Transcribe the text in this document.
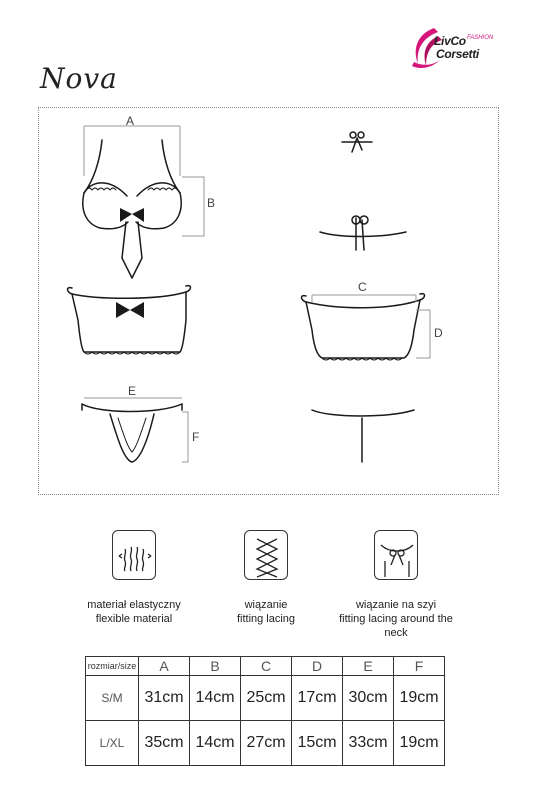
LivCo FASHION
Corsetti
Nova
A
B
C
D
E
F
materiał elastyczny
flexible material
wiązanie
fitting lacing
wiązanie na szyi
fitting lacing around the neck
rozmiar/size	A	B	C	D	E	F
S/M	31cm	14cm	25cm	17cm	30cm	19cm
L/XL	35cm	14cm	27cm	15cm	33cm	19cm
